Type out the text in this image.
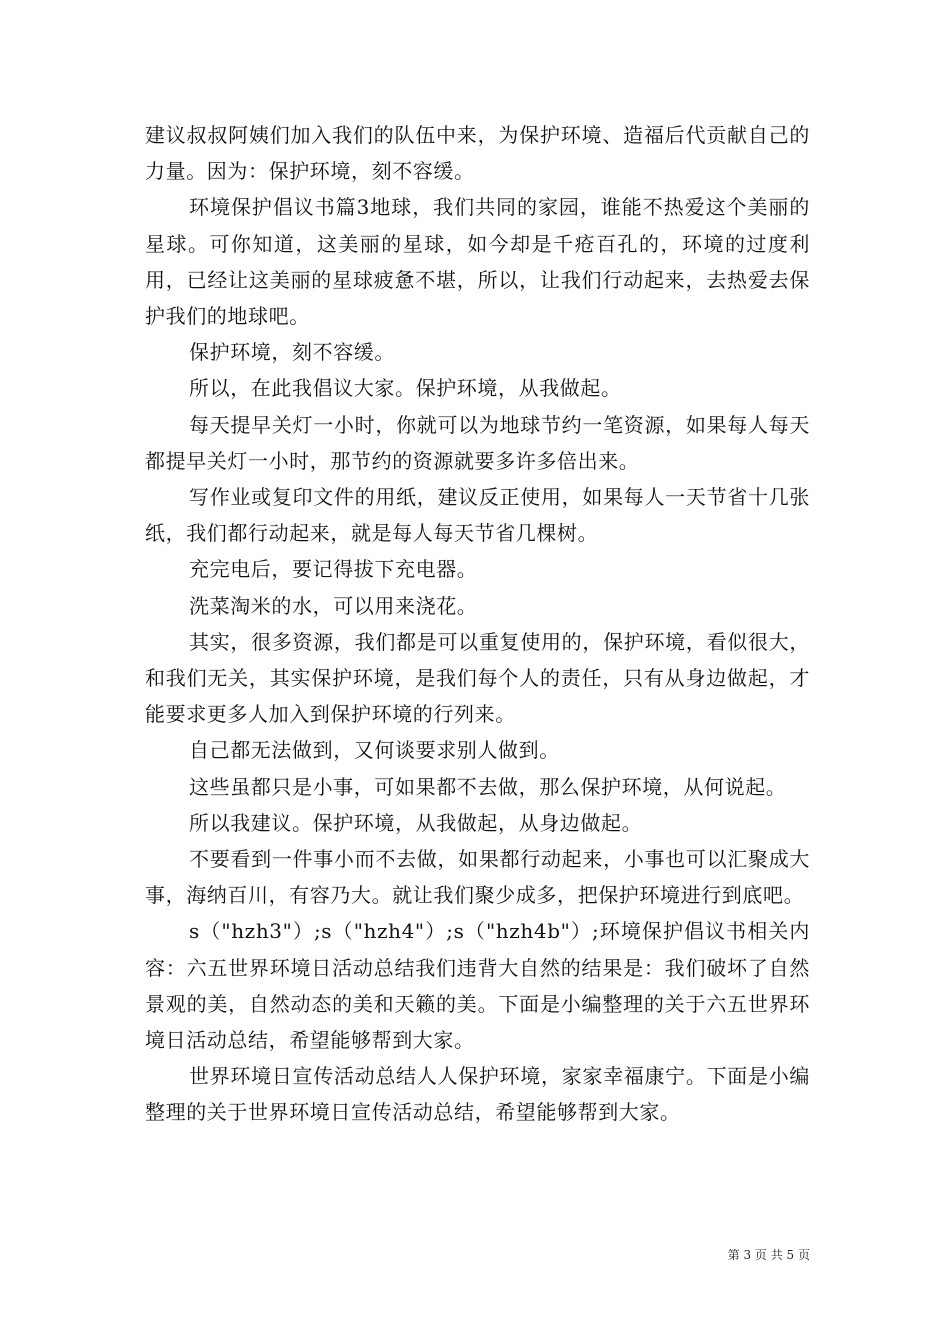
建议叔叔阿姨们加入我们的队伍中来，为保护环境、造福后代贡献自己的力量。因为：保护环境，刻不容缓。

环境保护倡议书篇3地球，我们共同的家园，谁能不热爱这个美丽的星球。可你知道，这美丽的星球，如今却是千疮百孔的，环境的过度利用，已经让这美丽的星球疲惫不堪，所以，让我们行动起来，去热爱去保护我们的地球吧。

保护环境，刻不容缓。

所以，在此我倡议大家。保护环境，从我做起。

每天提早关灯一小时，你就可以为地球节约一笔资源，如果每人每天都提早关灯一小时，那节约的资源就要多许多倍出来。

写作业或复印文件的用纸，建议反正使用，如果每人一天节省十几张纸，我们都行动起来，就是每人每天节省几棵树。

充完电后，要记得拔下充电器。

洗菜淘米的水，可以用来浇花。

其实，很多资源，我们都是可以重复使用的，保护环境，看似很大，和我们无关，其实保护环境，是我们每个人的责任，只有从身边做起，才能要求更多人加入到保护环境的行列来。

自己都无法做到，又何谈要求别人做到。

这些虽都只是小事，可如果都不去做，那么保护环境，从何说起。

所以我建议。保护环境，从我做起，从身边做起。

不要看到一件事小而不去做，如果都行动起来，小事也可以汇聚成大事，海纳百川，有容乃大。就让我们聚少成多，把保护环境进行到底吧。

s（"hzh3"）;s（"hzh4"）;s（"hzh4b"）;环境保护倡议书相关内容：六五世界环境日活动总结我们违背大自然的结果是：我们破坏了自然景观的美，自然动态的美和天籁的美。下面是小编整理的关于六五世界环境日活动总结，希望能够帮到大家。

世界环境日宣传活动总结人人保护环境，家家幸福康宁。下面是小编整理的关于世界环境日宣传活动总结，希望能够帮到大家。

第 3 页 共 5 页
